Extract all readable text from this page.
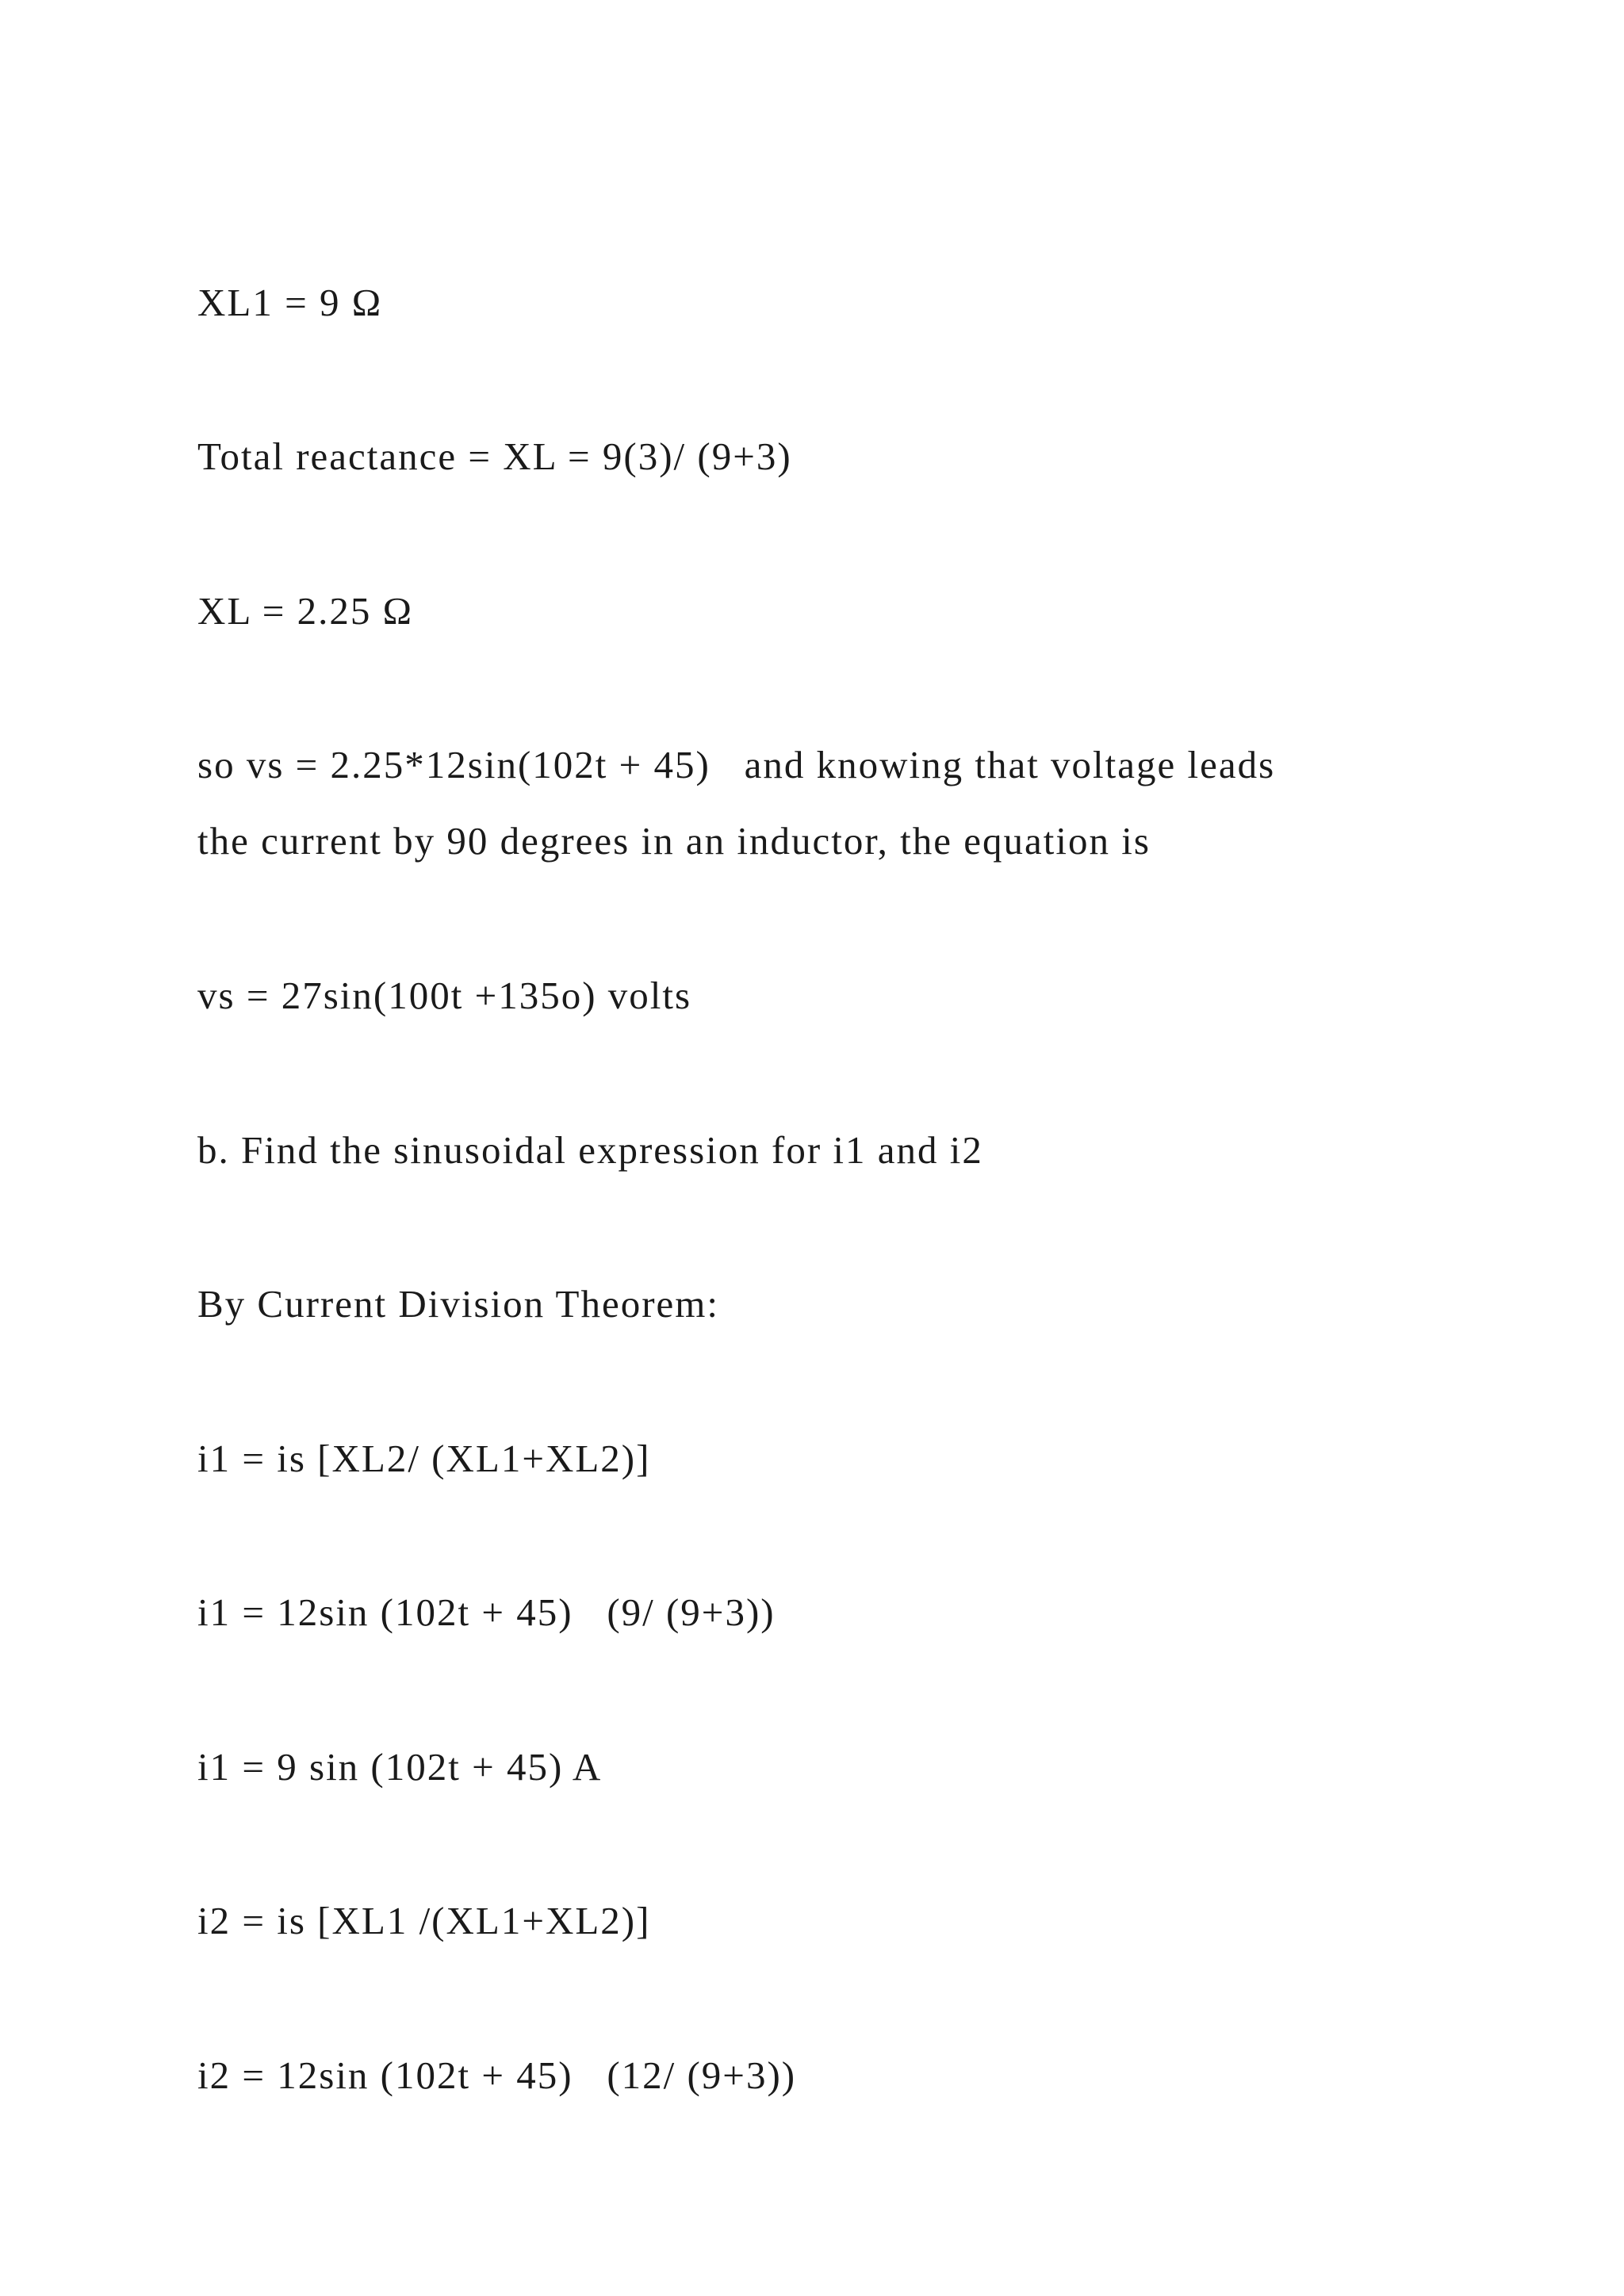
XL1 = 9 Ω
Total reactance = XL = 9(3)/ (9+3)
XL = 2.25 Ω
so vs = 2.25*12sin(102t + 45)   and knowing that voltage leads
the current by 90 degrees in an inductor, the equation is
vs = 27sin(100t +135o) volts
b. Find the sinusoidal expression for i1 and i2
By Current Division Theorem:
i1 = is [XL2/ (XL1+XL2)]
i1 = 12sin (102t + 45)   (9/ (9+3))
i1 = 9 sin (102t + 45) A
i2 = is [XL1 /(XL1+XL2)]
i2 = 12sin (102t + 45)   (12/ (9+3))
